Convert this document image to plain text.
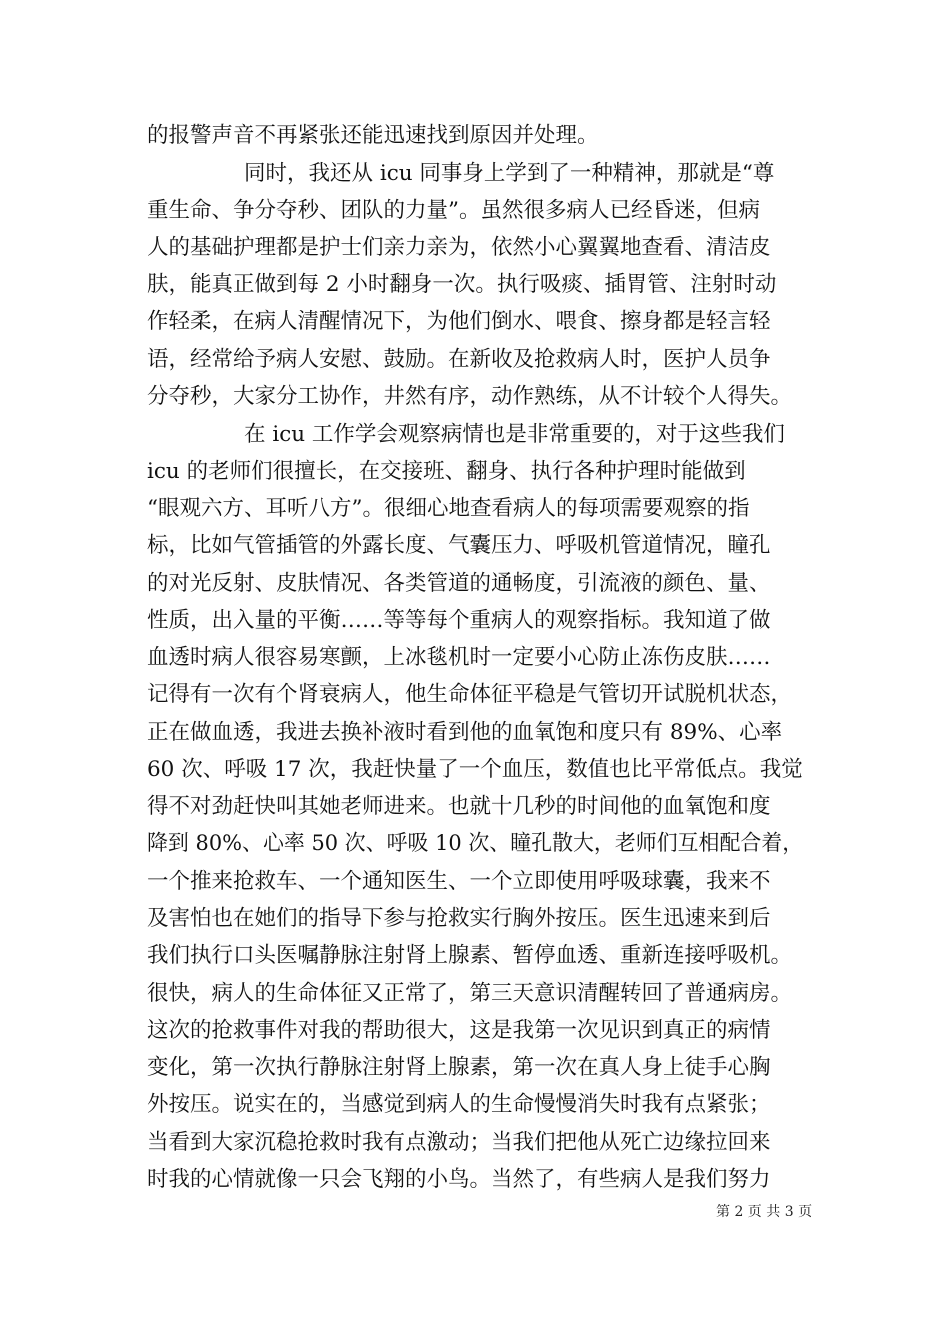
的报警声音不再紧张还能迅速找到原因并处理。
同时，我还从 icu 同事身上学到了一种精神，那就是“尊
重生命、争分夺秒、团队的力量”。虽然很多病人已经昏迷，但病
人的基础护理都是护士们亲力亲为，依然小心翼翼地查看、清洁皮
肤，能真正做到每 2 小时翻身一次。执行吸痰、插胃管、注射时动
作轻柔，在病人清醒情况下，为他们倒水、喂食、擦身都是轻言轻
语，经常给予病人安慰、鼓励。在新收及抢救病人时，医护人员争
分夺秒，大家分工协作，井然有序，动作熟练，从不计较个人得失。
在 icu 工作学会观察病情也是非常重要的，对于这些我们
icu 的老师们很擅长，在交接班、翻身、执行各种护理时能做到
“眼观六方、耳听八方”。很细心地查看病人的每项需要观察的指
标，比如气管插管的外露长度、气囊压力、呼吸机管道情况，瞳孔
的对光反射、皮肤情况、各类管道的通畅度，引流液的颜色、量、
性质，出入量的平衡……等等每个重病人的观察指标。我知道了做
血透时病人很容易寒颤，上冰毯机时一定要小心防止冻伤皮肤……
记得有一次有个肾衰病人，他生命体征平稳是气管切开试脱机状态，
正在做血透，我进去换补液时看到他的血氧饱和度只有 89%、心率
60 次、呼吸 17 次，我赶快量了一个血压，数值也比平常低点。我觉
得不对劲赶快叫其她老师进来。也就十几秒的时间他的血氧饱和度
降到 80%、心率 50 次、呼吸 10 次、瞳孔散大，老师们互相配合着，
一个推来抢救车、一个通知医生、一个立即使用呼吸球囊，我来不
及害怕也在她们的指导下参与抢救实行胸外按压。医生迅速来到后
我们执行口头医嘱静脉注射肾上腺素、暂停血透、重新连接呼吸机。
很快，病人的生命体征又正常了，第三天意识清醒转回了普通病房。
这次的抢救事件对我的帮助很大，这是我第一次见识到真正的病情
变化，第一次执行静脉注射肾上腺素，第一次在真人身上徒手心胸
外按压。说实在的，当感觉到病人的生命慢慢消失时我有点紧张；
当看到大家沉稳抢救时我有点激动；当我们把他从死亡边缘拉回来
时我的心情就像一只会飞翔的小鸟。当然了，有些病人是我们努力
第 2 页 共 3 页
